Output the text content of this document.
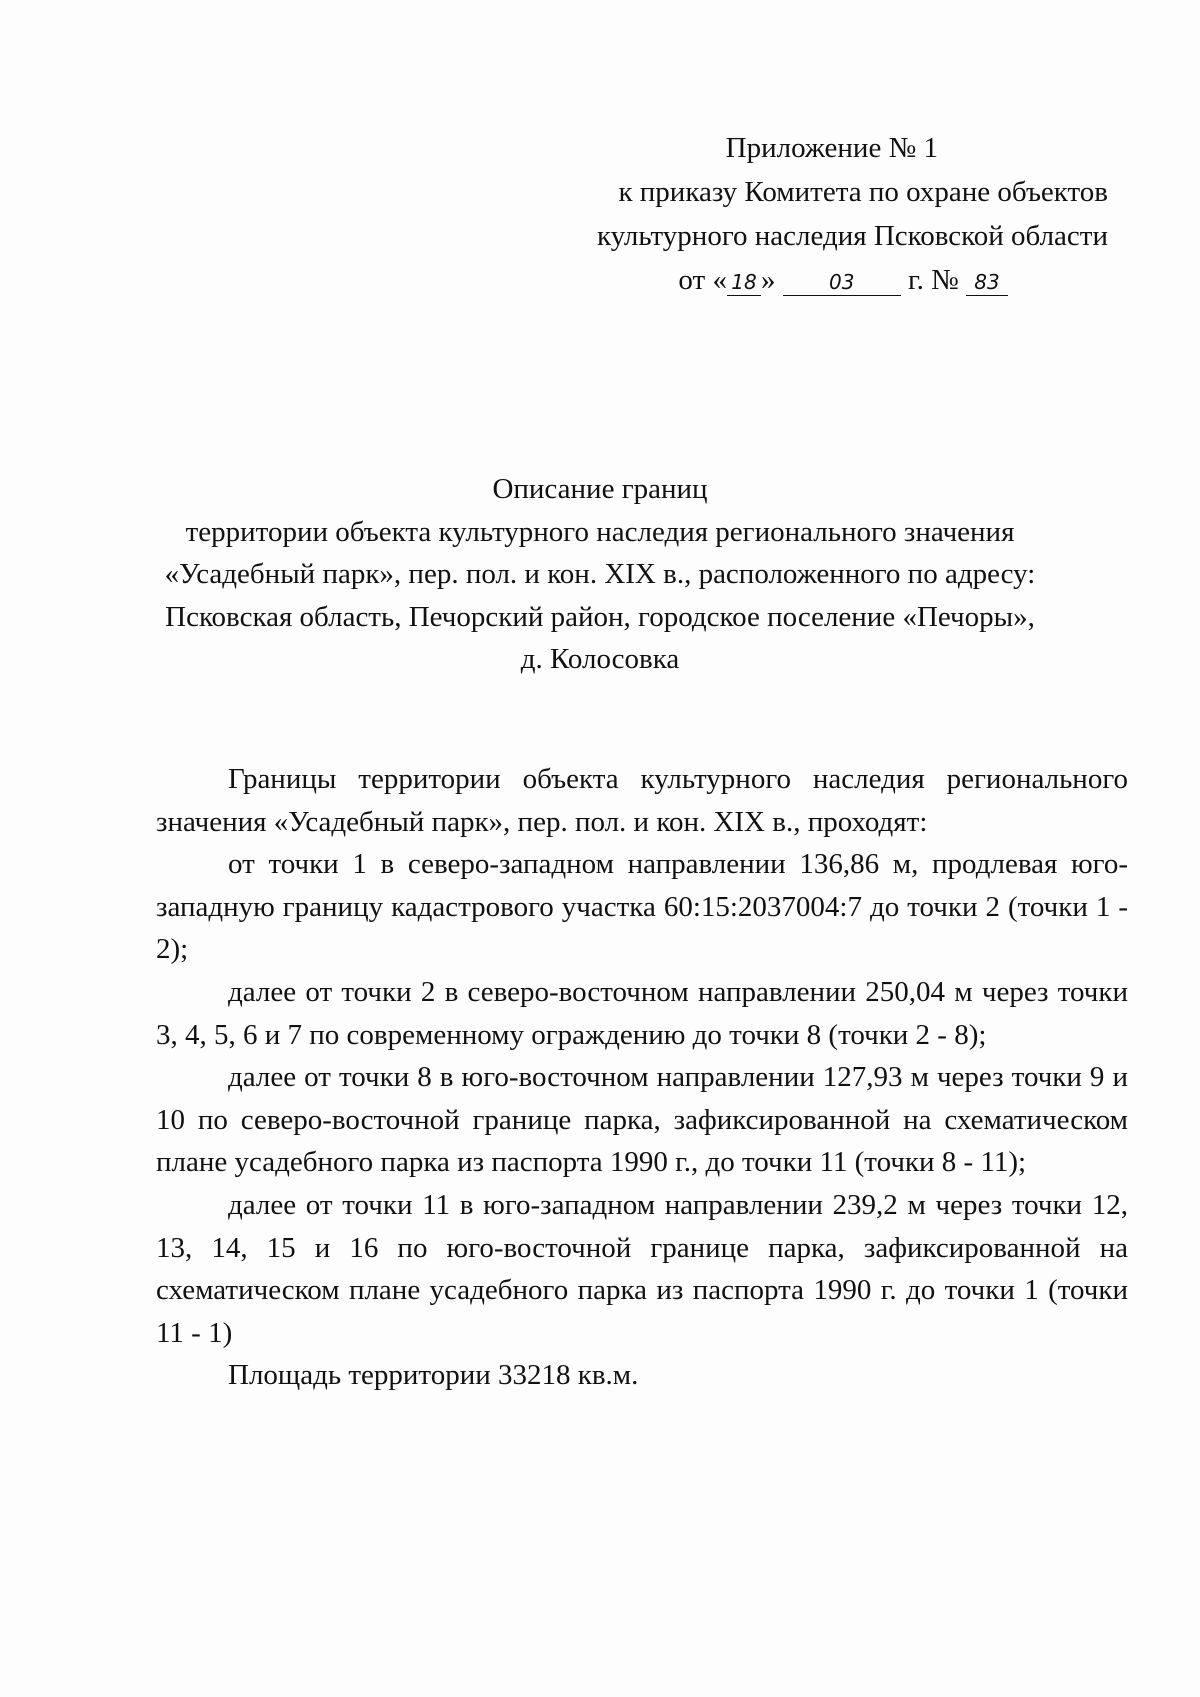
Приложение № 1
к приказу Комитета по охране объектов
культурного наследия Псковской области
от « 18 »	03 г. № 83
Описание границ
территории объекта культурного наследия регионального значения
«Усадебный парк», пер. пол. и кон. XIX в., расположенного по адресу:
Псковская область, Печорский район, городское поселение «Печоры»,
д. Колосовка

Границы территории объекта культурного наследия регионального значения «Усадебный парк», пер. пол. и кон. XIX в., проходят:

от точки 1 в северо-западном направлении 136,86 м, продлевая юго-западную границу кадастрового участка 60:15:2037004:7 до точки 2 (точки 1 - 2);

далее от точки 2 в северо-восточном направлении 250,04 м через точки 3, 4, 5, 6 и 7 по современному ограждению до точки 8 (точки 2 - 8);

далее от точки 8 в юго-восточном направлении 127,93 м через точки 9 и 10 по северо-восточной границе парка, зафиксированной на схематическом плане усадебного парка из паспорта 1990 г., до точки 11 (точки 8 - 11);

далее от точки 11 в юго-западном направлении 239,2 м через точки 12, 13, 14, 15 и 16 по юго-восточной границе парка, зафиксированной на схематическом плане усадебного парка из паспорта 1990 г. до точки 1 (точки 11 - 1)

Площадь территории 33218 кв.м.
